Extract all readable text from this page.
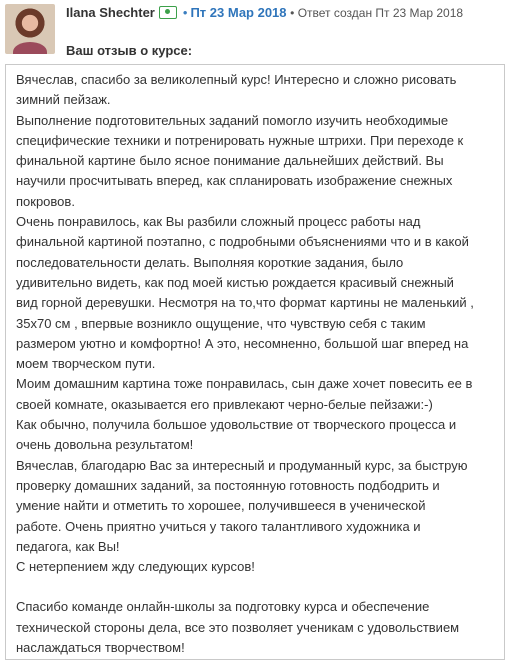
Ilana Shechter • Пт 23 Мар 2018 • Ответ создан Пт 23 Мар 2018
Ваш отзыв о курсе:

Вячеслав, спасибо за великолепный курс! Интересно и сложно рисовать

зимний пейзаж.

Выполнение подготовительных заданий помогло изучить необходимые

специфические техники и потренировать нужные штрихи. При переходе к

финальной картине было ясное понимание дальнейших действий. Вы

научили просчитывать вперед, как спланировать изображение снежных

покровов.

Очень понравилось, как Вы разбили сложный процесс работы над

финальной картиной поэтапно, с подробными объяснениями что и в какой

последовательности делать. Выполняя короткие задания, было

удивительно видеть, как под моей кистью рождается красивый снежный

вид горной деревушки. Несмотря на то,что формат картины не маленький ,

35х70 см , впервые возникло ощущение, что чувствую себя с таким

размером уютно и комфортно! А это, несомненно, большой шаг вперед на

моем творческом пути.

Моим домашним картина тоже понравилась, сын даже хочет повесить ее в

своей комнате, оказывается его привлекают черно-белые пейзажи:-)

Как обычно, получила большое удовольствие от творческого процесса и

очень довольна результатом!

Вячеслав, благодарю Вас за интересный и продуманный курс, за быструю

проверку домашних заданий, за постоянную готовность подбодрить и

умение найти и отметить то хорошее, получившееся в ученической

работе. Очень приятно учиться у такого талантливого художника и

педагога, как Вы!

С нетерпением жду следующих курсов!

Спасибо команде онлайн-школы за подготовку курса и обеспечение

технической стороны дела, все это позволяет ученикам с удовольствием

наслаждаться творчеством!
